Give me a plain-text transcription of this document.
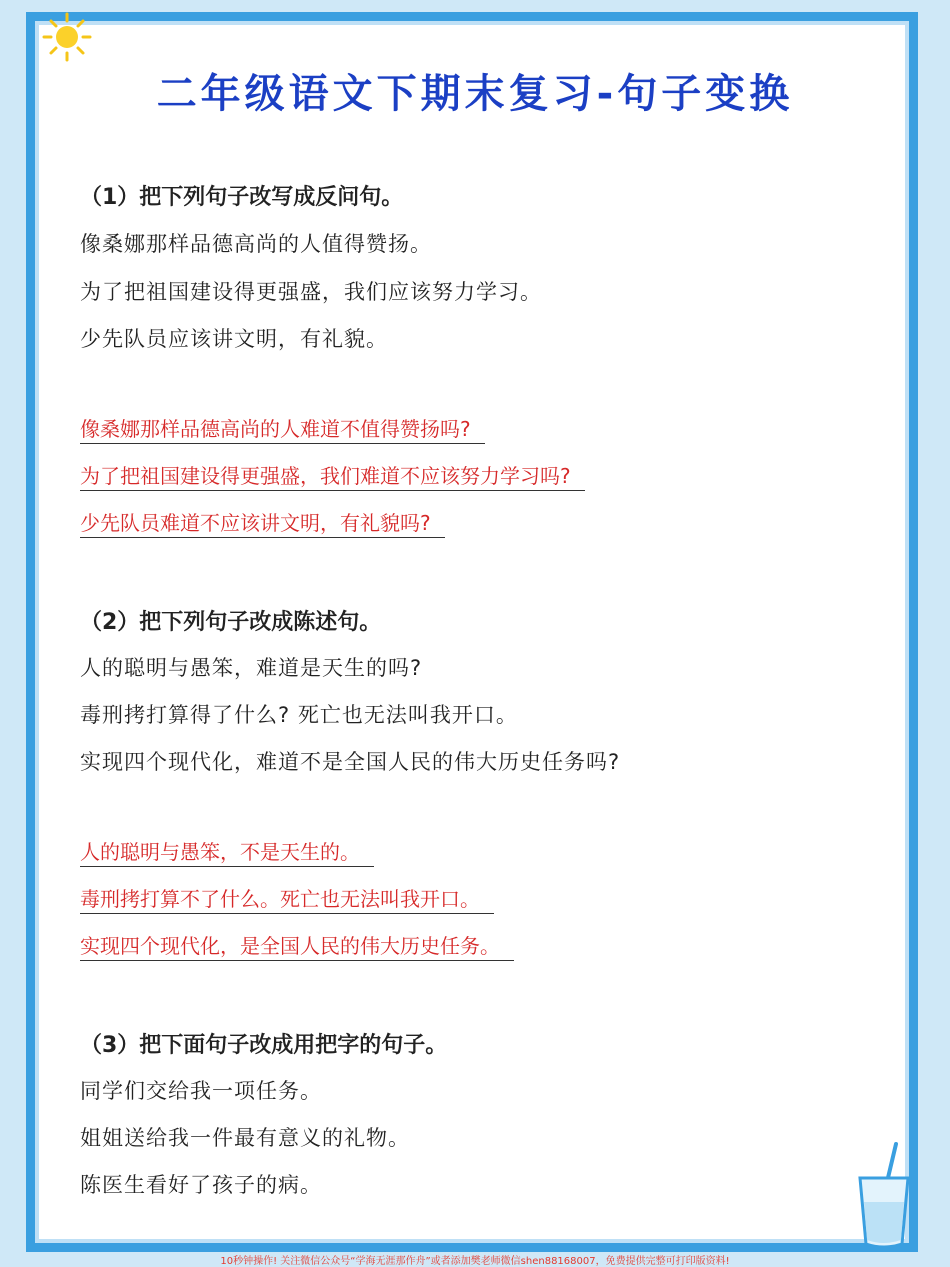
二年级语文下期末复习-句子变换
（1）把下列句子改写成反问句。
像桑娜那样品德高尚的人值得赞扬。
为了把祖国建设得更强盛，我们应该努力学习。
少先队员应该讲文明，有礼貌。
像桑娜那样品德高尚的人难道不值得赞扬吗?
为了把祖国建设得更强盛，我们难道不应该努力学习吗?
少先队员难道不应该讲文明，有礼貌吗?
（2）把下列句子改成陈述句。
人的聪明与愚笨，难道是天生的吗?
毒刑拷打算得了什么? 死亡也无法叫我开口。
实现四个现代化，难道不是全国人民的伟大历史任务吗?
人的聪明与愚笨，不是天生的。
毒刑拷打算不了什么。死亡也无法叫我开口。
实现四个现代化，是全国人民的伟大历史任务。
（3）把下面句子改成用把字的句子。
同学们交给我一项任务。
姐姐送给我一件最有意义的礼物。
陈医生看好了孩子的病。
10秒钟操作! 关注微信公众号“学海无涯那作舟”或者添加樊老师微信shen88168007，免费提供完整可打印版资料!
